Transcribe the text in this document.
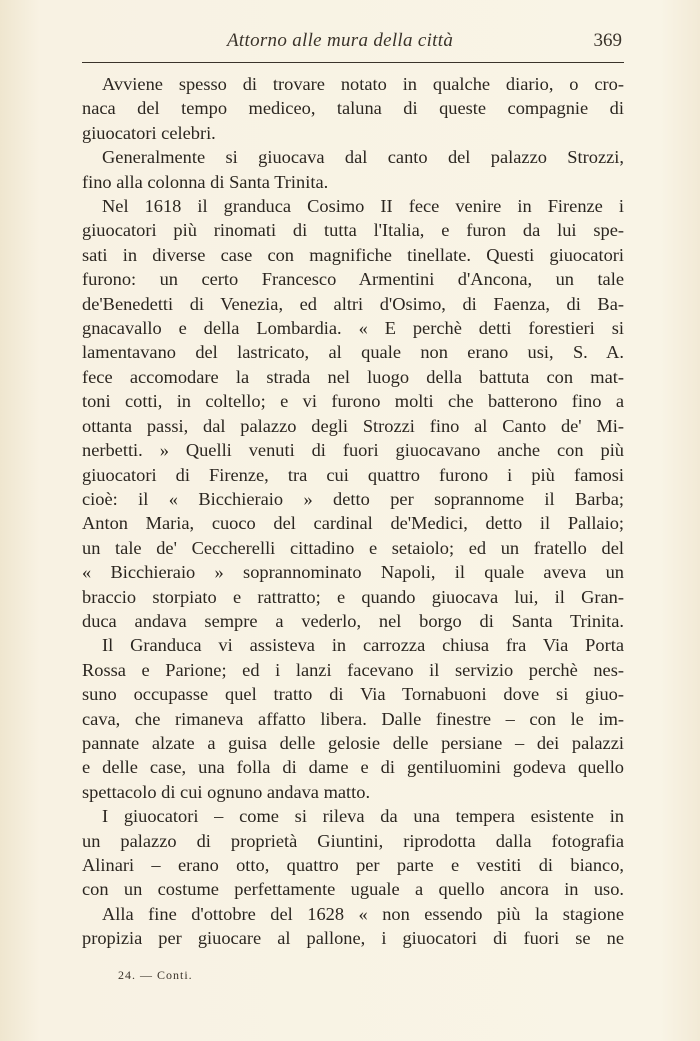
Attorno alle mura della città	369

Avviene spesso di trovare notato in qualche diario, o cro-
naca del tempo mediceo, taluna di queste compagnie di
giuocatori celebri.

Generalmente si giuocava dal canto del palazzo Strozzi,
fino alla colonna di Santa Trinita.

Nel 1618 il granduca Cosimo II fece venire in Firenze i
giuocatori più rinomati di tutta l'Italia, e furon da lui spe-
sati in diverse case con magnifiche tinellate. Questi giuocatori
furono: un certo Francesco Armentini d'Ancona, un tale
de'Benedetti di Venezia, ed altri d'Osimo, di Faenza, di Ba-
gnacavallo e della Lombardia. « E perchè detti forestieri si
lamentavano del lastricato, al quale non erano usi, S. A.
fece accomodare la strada nel luogo della battuta con mat-
toni cotti, in coltello; e vi furono molti che batterono fino a
ottanta passi, dal palazzo degli Strozzi fino al Canto de' Mi-
nerbetti. » Quelli venuti di fuori giuocavano anche con più
giuocatori di Firenze, tra cui quattro furono i più famosi
cioè: il « Bicchieraio » detto per soprannome il Barba;
Anton Maria, cuoco del cardinal de'Medici, detto il Pallaio;
un tale de' Ceccherelli cittadino e setaiolo; ed un fratello del
« Bicchieraio » soprannominato Napoli, il quale aveva un
braccio storpiato e rattratto; e quando giuocava lui, il Gran-
duca andava sempre a vederlo, nel borgo di Santa Trinita.

Il Granduca vi assisteva in carrozza chiusa fra Via Porta
Rossa e Parione; ed i lanzi facevano il servizio perchè nes-
suno occupasse quel tratto di Via Tornabuoni dove si giuo-
cava, che rimaneva affatto libera. Dalle finestre – con le im-
pannate alzate a guisa delle gelosie delle persiane – dei palazzi
e delle case, una folla di dame e di gentiluomini godeva quello
spettacolo di cui ognuno andava matto.

I giuocatori – come si rileva da una tempera esistente in
un palazzo di proprietà Giuntini, riprodotta dalla fotografia
Alinari – erano otto, quattro per parte e vestiti di bianco,
con un costume perfettamente uguale a quello ancora in uso.

Alla fine d'ottobre del 1628 « non essendo più la stagione
propizia per giuocare al pallone, i giuocatori di fuori se ne

24. — Conti.
